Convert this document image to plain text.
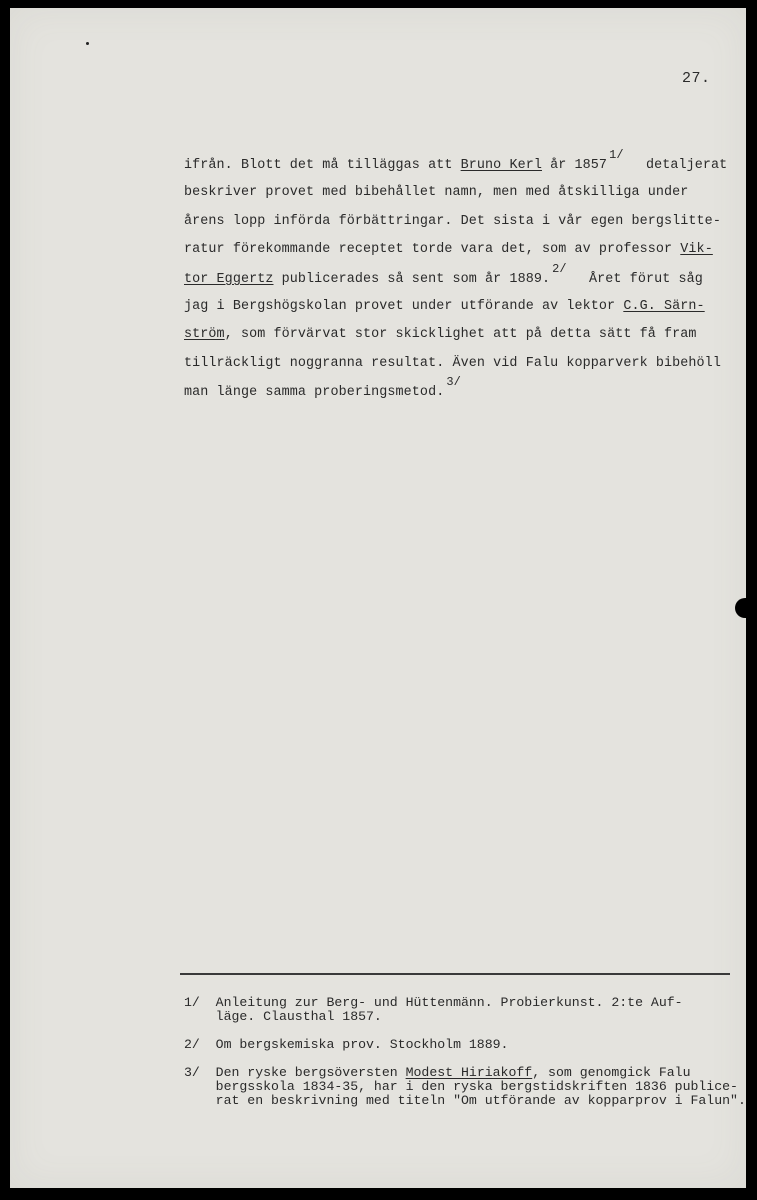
27.
ifrån. Blott det må tilläggas att Bruno Kerl år 1857$^{1/}$  detaljerat
beskriver provet med bibehållet namn, men med åtskilliga under
årens lopp införda förbättringar. Det sista i vår egen bergslitte-
ratur förekommande receptet torde vara det, som av professor Vik-
tor Eggertz publicerades så sent som år 1889.$^{2/}$  Året förut såg
jag i Bergshögskolan provet under utförande av lektor C.G. Särn-
ström, som förvärvat stor skicklighet att på detta sätt få fram
tillräckligt noggranna resultat. Även vid Falu kopparverk bibehöll
man länge samma proberingsmetod.$^{3/}$
1/  Anleitung zur Berg- und Hüttenmänn. Probierkunst. 2:te Auf-
läge. Clausthal 1857.
2/  Om bergskemiska prov. Stockholm 1889.
3/  Den ryske bergsöversten Modest Hiriakoff, som genomgick Falu
bergsskola 1834-35, har i den ryska bergstidskriften 1836 publice-
rat en beskrivning med titeln "Om utförande av kopparprov i Falun".
